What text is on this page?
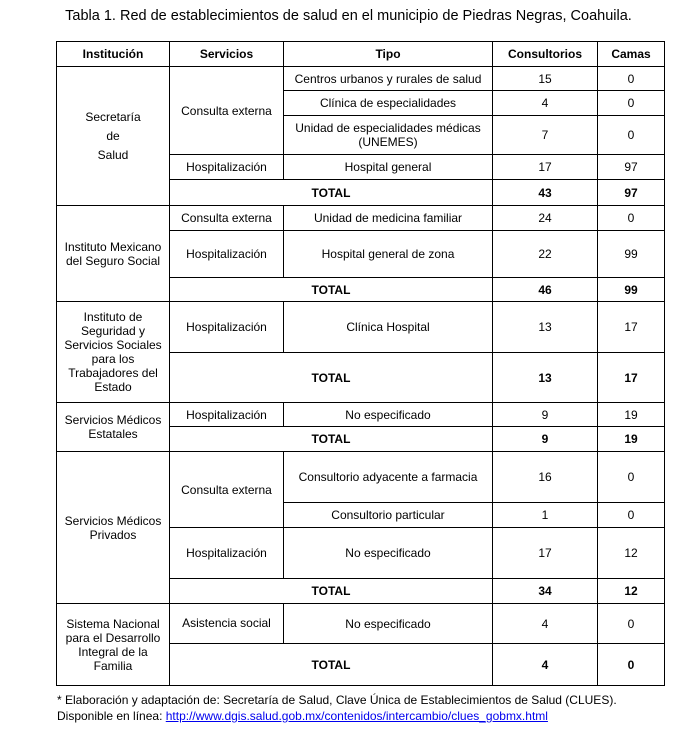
Tabla 1. Red de establecimientos de salud en el municipio de Piedras Negras, Coahuila.
Institución	Servicios	Tipo	Consultorios	Camas
Secretaría
de
Salud	Consulta externa	Centros urbanos y rurales de salud	15	0
		Clínica de especialidades	4	0
		Unidad de especialidades médicas (UNEMES)	7	0
	Hospitalización	Hospital general	17	97
	TOTAL		43	97
Instituto Mexicano del Seguro Social	Consulta externa	Unidad de medicina familiar	24	0
	Hospitalización	Hospital general de zona	22	99
	TOTAL		46	99
Instituto de Seguridad y Servicios Sociales para los Trabajadores del Estado	Hospitalización	Clínica Hospital	13	17
	TOTAL		13	17
Servicios Médicos Estatales	Hospitalización	No especificado	9	19
	TOTAL		9	19
Servicios Médicos Privados	Consulta externa	Consultorio adyacente a farmacia	16	0
		Consultorio particular	1	0
	Hospitalización	No especificado	17	12
	TOTAL		34	12
Sistema Nacional para el Desarrollo Integral de la Familia	Asistencia social	No especificado	4	0
	TOTAL		4	0
* Elaboración y adaptación de: Secretaría de Salud, Clave Única de Establecimientos de Salud (CLUES). Disponible en línea: http://www.dgis.salud.gob.mx/contenidos/intercambio/clues_gobmx.html
